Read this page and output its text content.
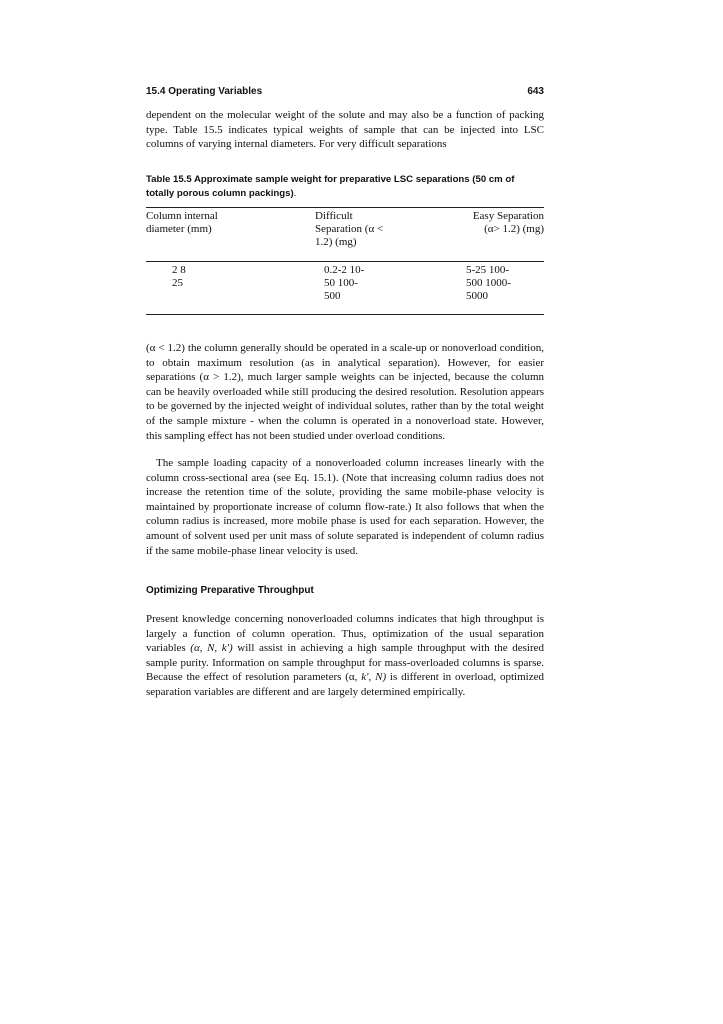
15.4 Operating Variables	643

dependent on the molecular weight of the solute and may also be a function of packing type. Table 15.5 indicates typical weights of sample that can be injected into LSC columns of varying internal diameters. For very difficult separations

Table 15.5 Approximate sample weight for preparative LSC separations (50 cm of totally porous column packings).
Column internal
diameter (mm)
Difficult
Separation (α <
1.2) (mg)
Easy Separation
(α> 1.2) (mg)
2 8
25
0.2-2 10-
50 100-
500
5-25 100-
500 1000-
5000

(α < 1.2) the column generally should be operated in a scale-up or nonoverload condition, to obtain maximum resolution (as in analytical separation). However, for easier separations (α > 1.2), much larger sample weights can be injected, because the column can be heavily overloaded while still producing the desired resolution. Resolution appears to be governed by the injected weight of individual solutes, rather than by the total weight of the sample mixture - when the column is operated in a nonoverload state. However, this sampling effect has not been studied under overload conditions.

The sample loading capacity of a nonoverloaded column increases linearly with the column cross-sectional area (see Eq. 15.1). (Note that increasing column radius does not increase the retention time of the solute, providing the same mobile-phase velocity is maintained by proportionate increase of column flow-rate.) It also follows that when the column radius is increased, more mobile phase is used for each separation. However, the amount of solvent used per unit mass of solute separated is independent of column radius if the same mobile-phase linear velocity is used.

Optimizing Preparative Throughput

Present knowledge concerning nonoverloaded columns indicates that high throughput is largely a function of column operation. Thus, optimization of the usual separation variables (α, N, k′) will assist in achieving a high sample throughput with the desired sample purity. Information on sample throughput for mass-overloaded columns is sparse. Because the effect of resolution parameters (α, k′, N) is different in overload, optimized separation variables are different and are largely determined empirically.
